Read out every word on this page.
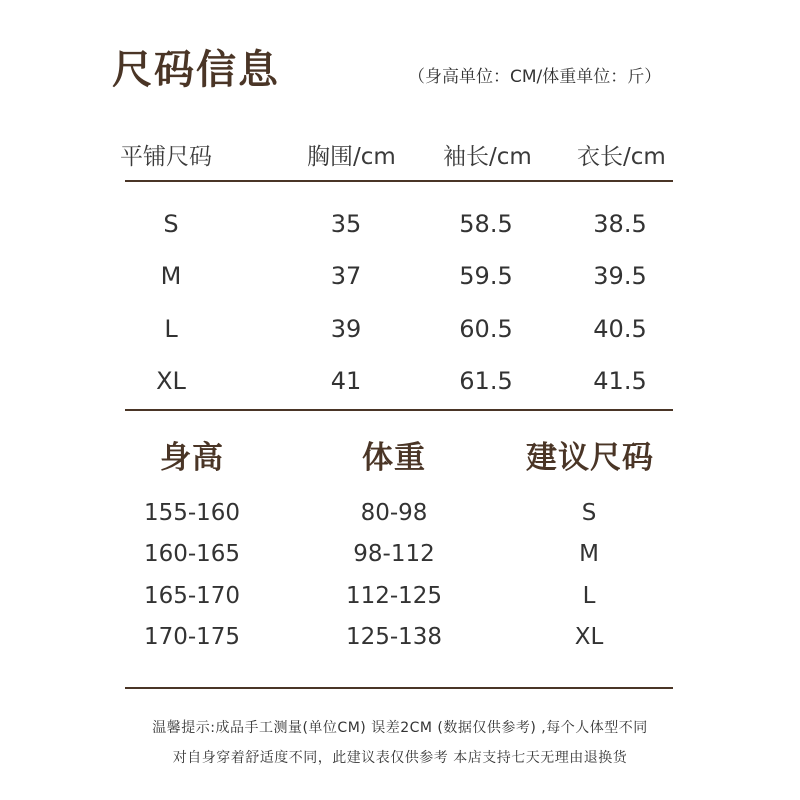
尺码信息	（身高单位：CM/体重单位：斤）
平铺尺码	胸围/cm 袖长/cm 衣长/cm
S	35	58.5	38.5
M	37	59.5	39.5
L	39	60.5	40.5
XL	41	61.5	41.5
身高	体重	建议尺码
155-160	80-98	S
160-165	98-112	M
165-170	112-125	L
170-175	125-138	XL
温馨提示:成品手工测量(单位CM) 误差2CM (数据仅供参考) ,每个人体型不同
对自身穿着舒适度不同，此建议表仅供参考 本店支持七天无理由退换货
